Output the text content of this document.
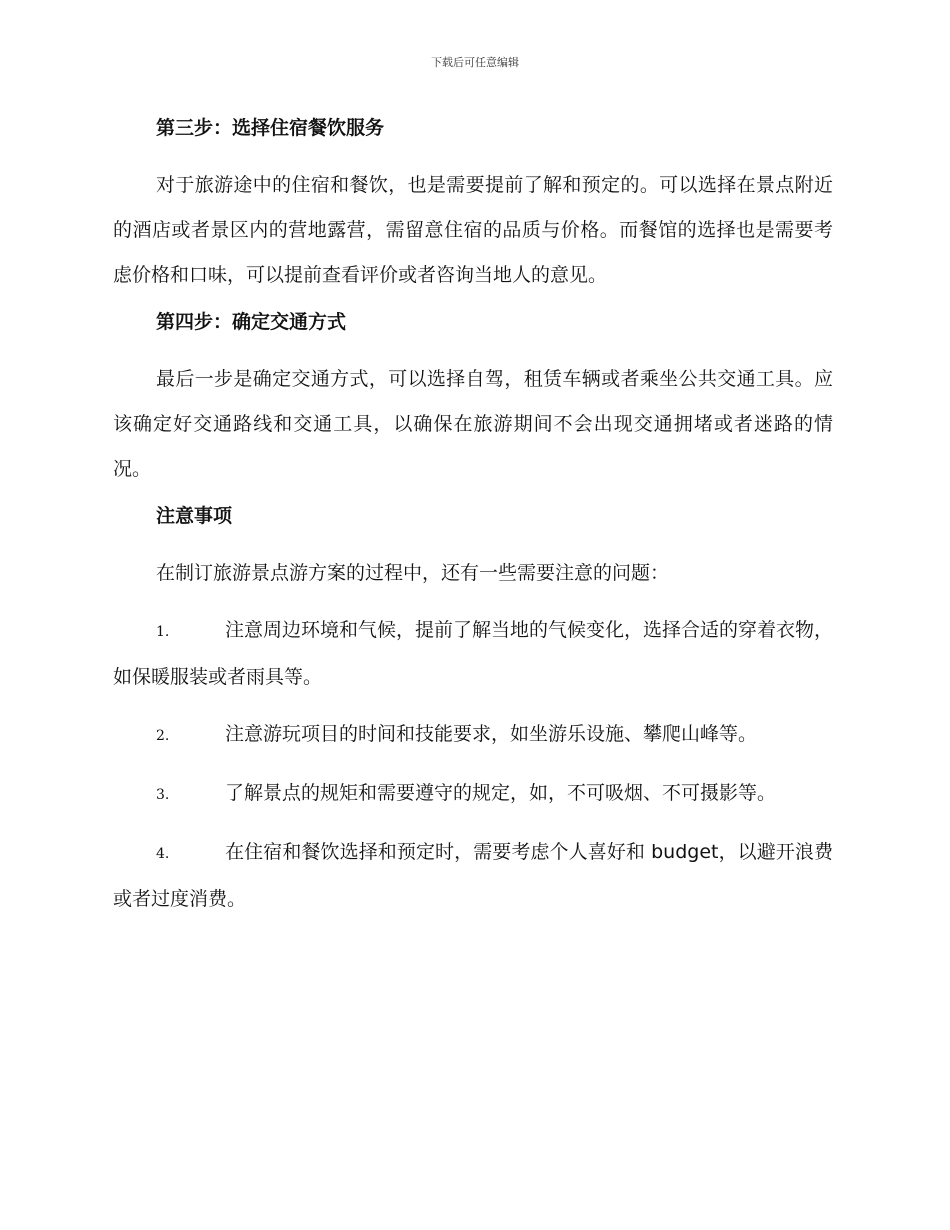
下载后可任意编辑
第三步：选择住宿餐饮服务

对于旅游途中的住宿和餐饮，也是需要提前了解和预定的。可以选择在景点附近的酒店或者景区内的营地露营，需留意住宿的品质与价格。而餐馆的选择也是需要考虑价格和口味，可以提前查看评价或者咨询当地人的意见。

第四步：确定交通方式

最后一步是确定交通方式，可以选择自驾，租赁车辆或者乘坐公共交通工具。应该确定好交通路线和交通工具，以确保在旅游期间不会出现交通拥堵或者迷路的情况。

注意事项

在制订旅游景点游方案的过程中，还有一些需要注意的问题：

1.	注意周边环境和气候，提前了解当地的气候变化，选择合适的穿着衣物，如保暖服装或者雨具等。

2.	注意游玩项目的时间和技能要求，如坐游乐设施、攀爬山峰等。

3.	了解景点的规矩和需要遵守的规定，如，不可吸烟、不可摄影等。

4.	在住宿和餐饮选择和预定时，需要考虑个人喜好和 budget，以避开浪费或者过度消费。
